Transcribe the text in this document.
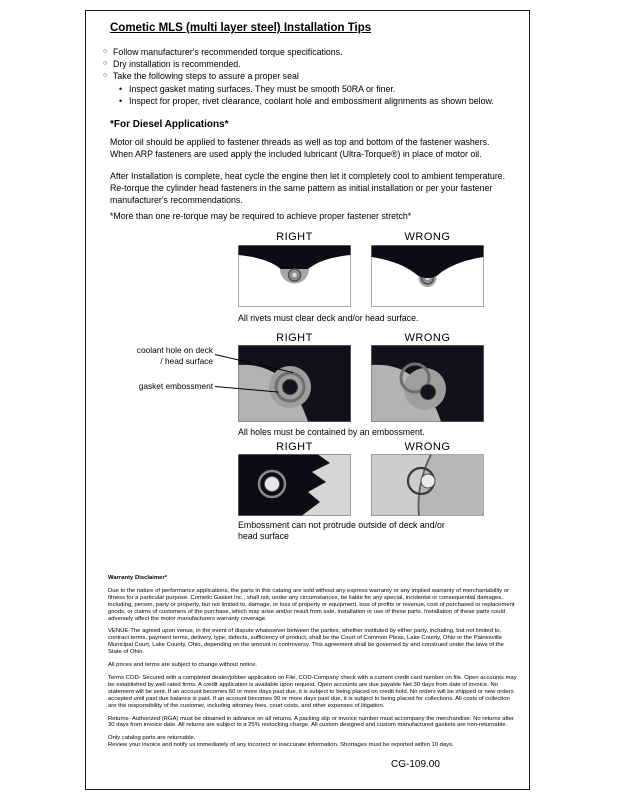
Cometic MLS (multi layer steel) Installation Tips
○ Follow manufacturer's recommended torque specifications.
○ Dry installation is recommended.
○ Take the following steps to assure a proper seal
• Inspect gasket mating surfaces. They must be smooth 50RA or finer.
• Inspect for proper, rivet clearance, coolant hole and embossment alignments as shown below.
*For Diesel Applications*
Motor oil should be applied to fastener threads as well as top and bottom of the fastener washers. When ARP fasteners are used apply the included lubricant (Ultra-Torque®) in place of motor oil.
After Installation is complete, heat cycle the engine then let it completely cool to ambient temperature. Re-torque the cylinder head fasteners in the same pattern as initial installation or per your fastener manufacturer's recommendations.
*More than one re-torque may be required to achieve proper fastener stretch*
RIGHT	WRONG
All rivets must clear deck and/or head surface.
RIGHT	WRONG
coolant hole on deck / head surface
gasket embossment
All holes must be contained by an embossment.
RIGHT	WRONG
Embossment can not protrude outside of deck and/or head surface
Warranty Disclaimer*

Due to the nature of performance applications, the parts in this catalog are sold without any express warranty or any implied warranty of merchantability or fitness for a particular purpose. Cometic Gasket Inc., shall not, under any circumstances, be liable for any special, incidental or consequential damages, including, person, party or property, but not limited to, damage, or loss of property or equipment, loss of profits or revenue, cost of purchased or replacement goods, or claims of customers of the purchase, which may arise and/or result from sale, installation or use of these parts. Installation of these parts could adversely affect the motor manufacturers warranty coverage.

VENUE-The agreed upon venue, in the event of dispute whatsoever between the parties, whether instituted by either party, including, but not limited to, contract terms, payment terms, delivery, type, defects, sufficiency of product, shall be the Court of Common Pleas, Lake County, Ohio or the Painesville Municipal Court, Lake County, Ohio, depending on the amount in controversy. This agreement shall be governed by and construed under the laws of the State of Ohio.

All prices and terms are subject to change without notice.

Terms COD- Secured with a completed dealer/jobber application on File, COD-Company check with a current credit card number on file. Open accounts may be established by well rated firms. A credit application is available upon request. Open accounts are due payable Net 30 days from date of invoice. No statement will be sent. If an account becomes 60 or more days past due, it is subject to being placed on credit hold. No orders will be shipped or new orders accepted until past due balance is paid. If an account becomes 90 or more days past due, it is subject to being placed for collections. All costs of collection are the responsibility of the customer, including attorney fees, court costs, and other expenses of litigation.

Returns- Authorized (RGA) must be obtained in advance on all returns. A packing slip or invoice number must accompany the merchandise. No returns after 30 days from invoice date. All returns are subject to a 25% restocking charge. All custom designed and custom manufactured gaskets are non-returnable.

Only catalog parts are returnable.

Review your invoice and notify us immediately of any incorrect or inaccurate information. Shortages must be reported within 10 days.

CG-109.00
